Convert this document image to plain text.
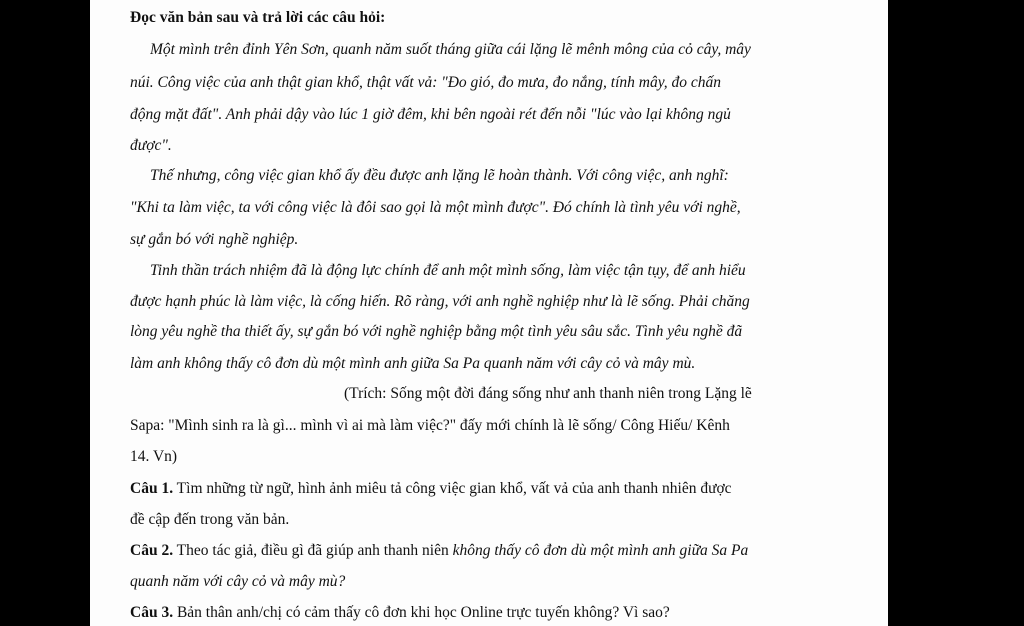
Đọc văn bản sau và trả lời các câu hỏi:
Một mình trên đỉnh Yên Sơn, quanh năm suốt tháng giữa cái lặng lẽ mênh mông của cỏ cây, mây
núi. Công việc của anh thật gian khổ, thật vất vả: "Đo gió, đo mưa, đo nắng, tính mây, đo chấn
động mặt đất". Anh phải dậy vào lúc 1 giờ đêm, khi bên ngoài rét đến nỗi "lúc vào lại không ngủ
được".
Thế nhưng, công việc gian khổ ấy đều được anh lặng lẽ hoàn thành. Với công việc, anh nghĩ:
"Khi ta làm việc, ta với công việc là đôi sao gọi là một mình được". Đó chính là tình yêu với nghề,
sự gắn bó với nghề nghiệp.
Tinh thần trách nhiệm đã là động lực chính để anh một mình sống, làm việc tận tụy, để anh hiểu
được hạnh phúc là làm việc, là cống hiến. Rõ ràng, với anh nghề nghiệp như là lẽ sống. Phải chăng
lòng yêu nghề tha thiết ấy, sự gắn bó với nghề nghiệp bằng một tình yêu sâu sắc. Tình yêu nghề đã
làm anh không thấy cô đơn dù một mình anh giữa Sa Pa quanh năm với cây cỏ và mây mù.
(Trích: Sống một đời đáng sống như anh thanh niên trong Lặng lẽ
Sapa: "Mình sinh ra là gì... mình vì ai mà làm việc?" đấy mới chính là lẽ sống/ Công Hiếu/ Kênh
14. Vn)
Câu 1. Tìm những từ ngữ, hình ảnh miêu tả công việc gian khổ, vất vả của anh thanh nhiên được
đề cập đến trong văn bản.
Câu 2. Theo tác giả, điều gì đã giúp anh thanh niên không thấy cô đơn dù một mình anh giữa Sa Pa
quanh năm với cây cỏ và mây mù?
Câu 3. Bản thân anh/chị có cảm thấy cô đơn khi học Online trực tuyến không? Vì sao?
